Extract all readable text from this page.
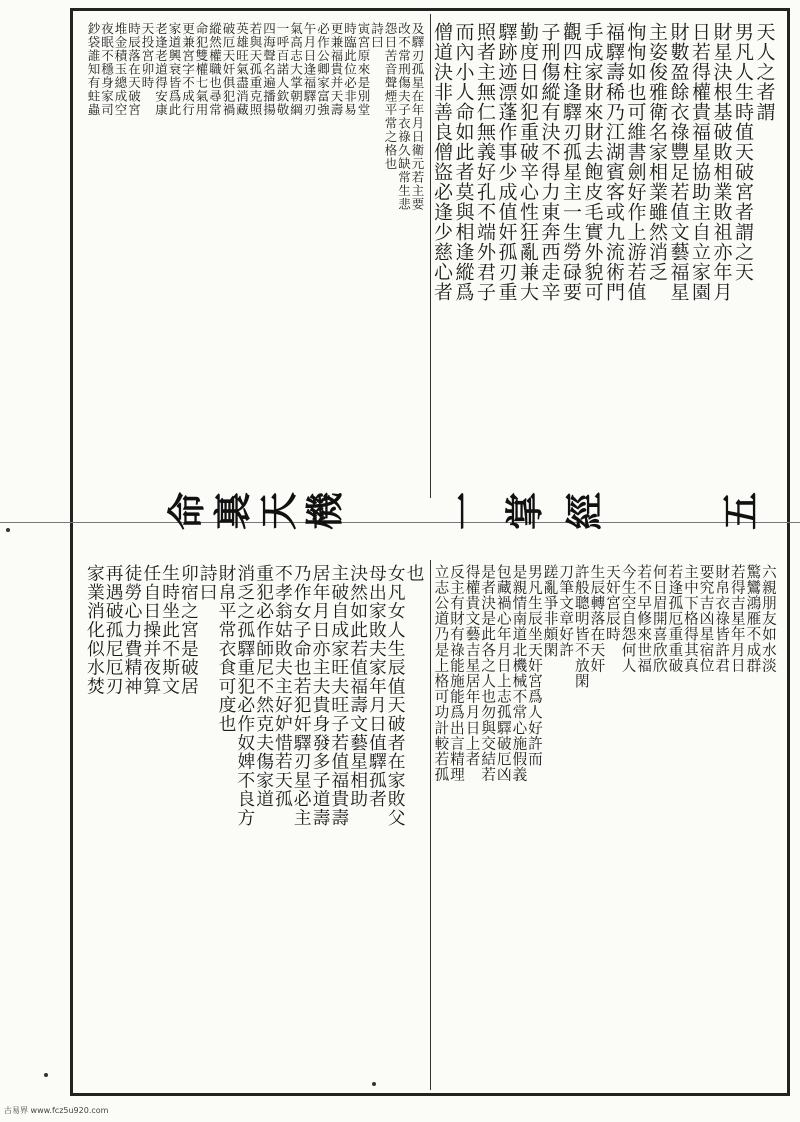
天人之者謂
男凡人生時值天破宮者謂之天
財星決根基破敗相業敗祖亦年月
日若得權貴福星協助主自立家園
財數盈餘衣祿豐足若值文藝福星
主姿俊雅衛名家相業雖然消乏
恂恂如也可維書劍好作上游若值
福驛壽稀乃江湖賓客或九流術門
手成家財來財去飽皮毛實外貌可
觀四柱逢驛刃孤星主一生勞碌要
子刑傷縱有決不得力東奔西走辛
勤度日如犯重破辛心性狂亂兼大
驛跡迹漂蓬作事少成值奸孤刃重
照者主無仁無義好孔不端外君子
而內小人命如此者莫與相逢縱爲
僧道決非善良僧盜必逢少慈心者
及驛刃孤星在年月日衛元若主要
改不常刑傷夫子衣祿久缺常生悲
怨日苦音聲煙平常之格也
詩曰
寅宮原來是別堂
時臨此位必非易
更兼福貴并天壽
必作公卿家富強
午月日逢福驛刃
氣高志大掌朝綱
一呼百諾人欽敬
四海聲名遍播揚
若與天孤重克照
英雄旺氣盡消藏
破厄天奸俱犯禍
縱然權職也尋常
命犯雙權七氣用
更兼宮字不成行
家道興衰皆爲此
老逢老道得安康
天投宮卯時
時辰落在天破宮
堆金積玉總成空
夜眠不穩身家司
鈔袋誰知有蛀蟲
六親朋友如水淡
驚鸞鴻雁不成群
若得吉星年月日
財帛衣祿皆許君
要究吉凶星宿位
主中下格得其真
若逢孤厄重重破
何日眉開喜欣欣
若不早修來世福
今生空自怨何人
天奸宮辰時
生辰轉落在天奸
許般聰明皆不放閑
刀筆文章好許
蹉亂爭非頗閑
男凡生辰坐天奸宮爲人好許而
是親情南道北機械不常心施假義
包藏禍心年月日上志孤驛破厄凶
是者決是此各之人也勿與交結若
得權貴文藝吉星居年月日上者
反主有財有祿能施能爲出言精理
立志公道乃是上格可功計較若孤
也
女凡女人生辰值天破者在家敗父
母出家敗夫家年月日值驛孤者
決然如此若值福壽文藝星相助
主破自成家旺夫旺子若值福貴壽
居年月日亦主夫貴身發多子道壽
乃作女子命也若犯奸驛刃星必主
不孝翁姑敗夫主好妒惜若天孤
重犯必作師尼不然克夫傷家道
消乏之孤驛重犯必作奴婢不良方
財帛平常衣食可度也
詩曰
卯宿之宮是破居
生時坐此不斯文
任自日操并夜算
徒勞心力費精神
再遇破孤尼厄刃
家業消化似水焚
命 裏 天 機	一 掌 經	五
古易界 www.fcz5u920.com
